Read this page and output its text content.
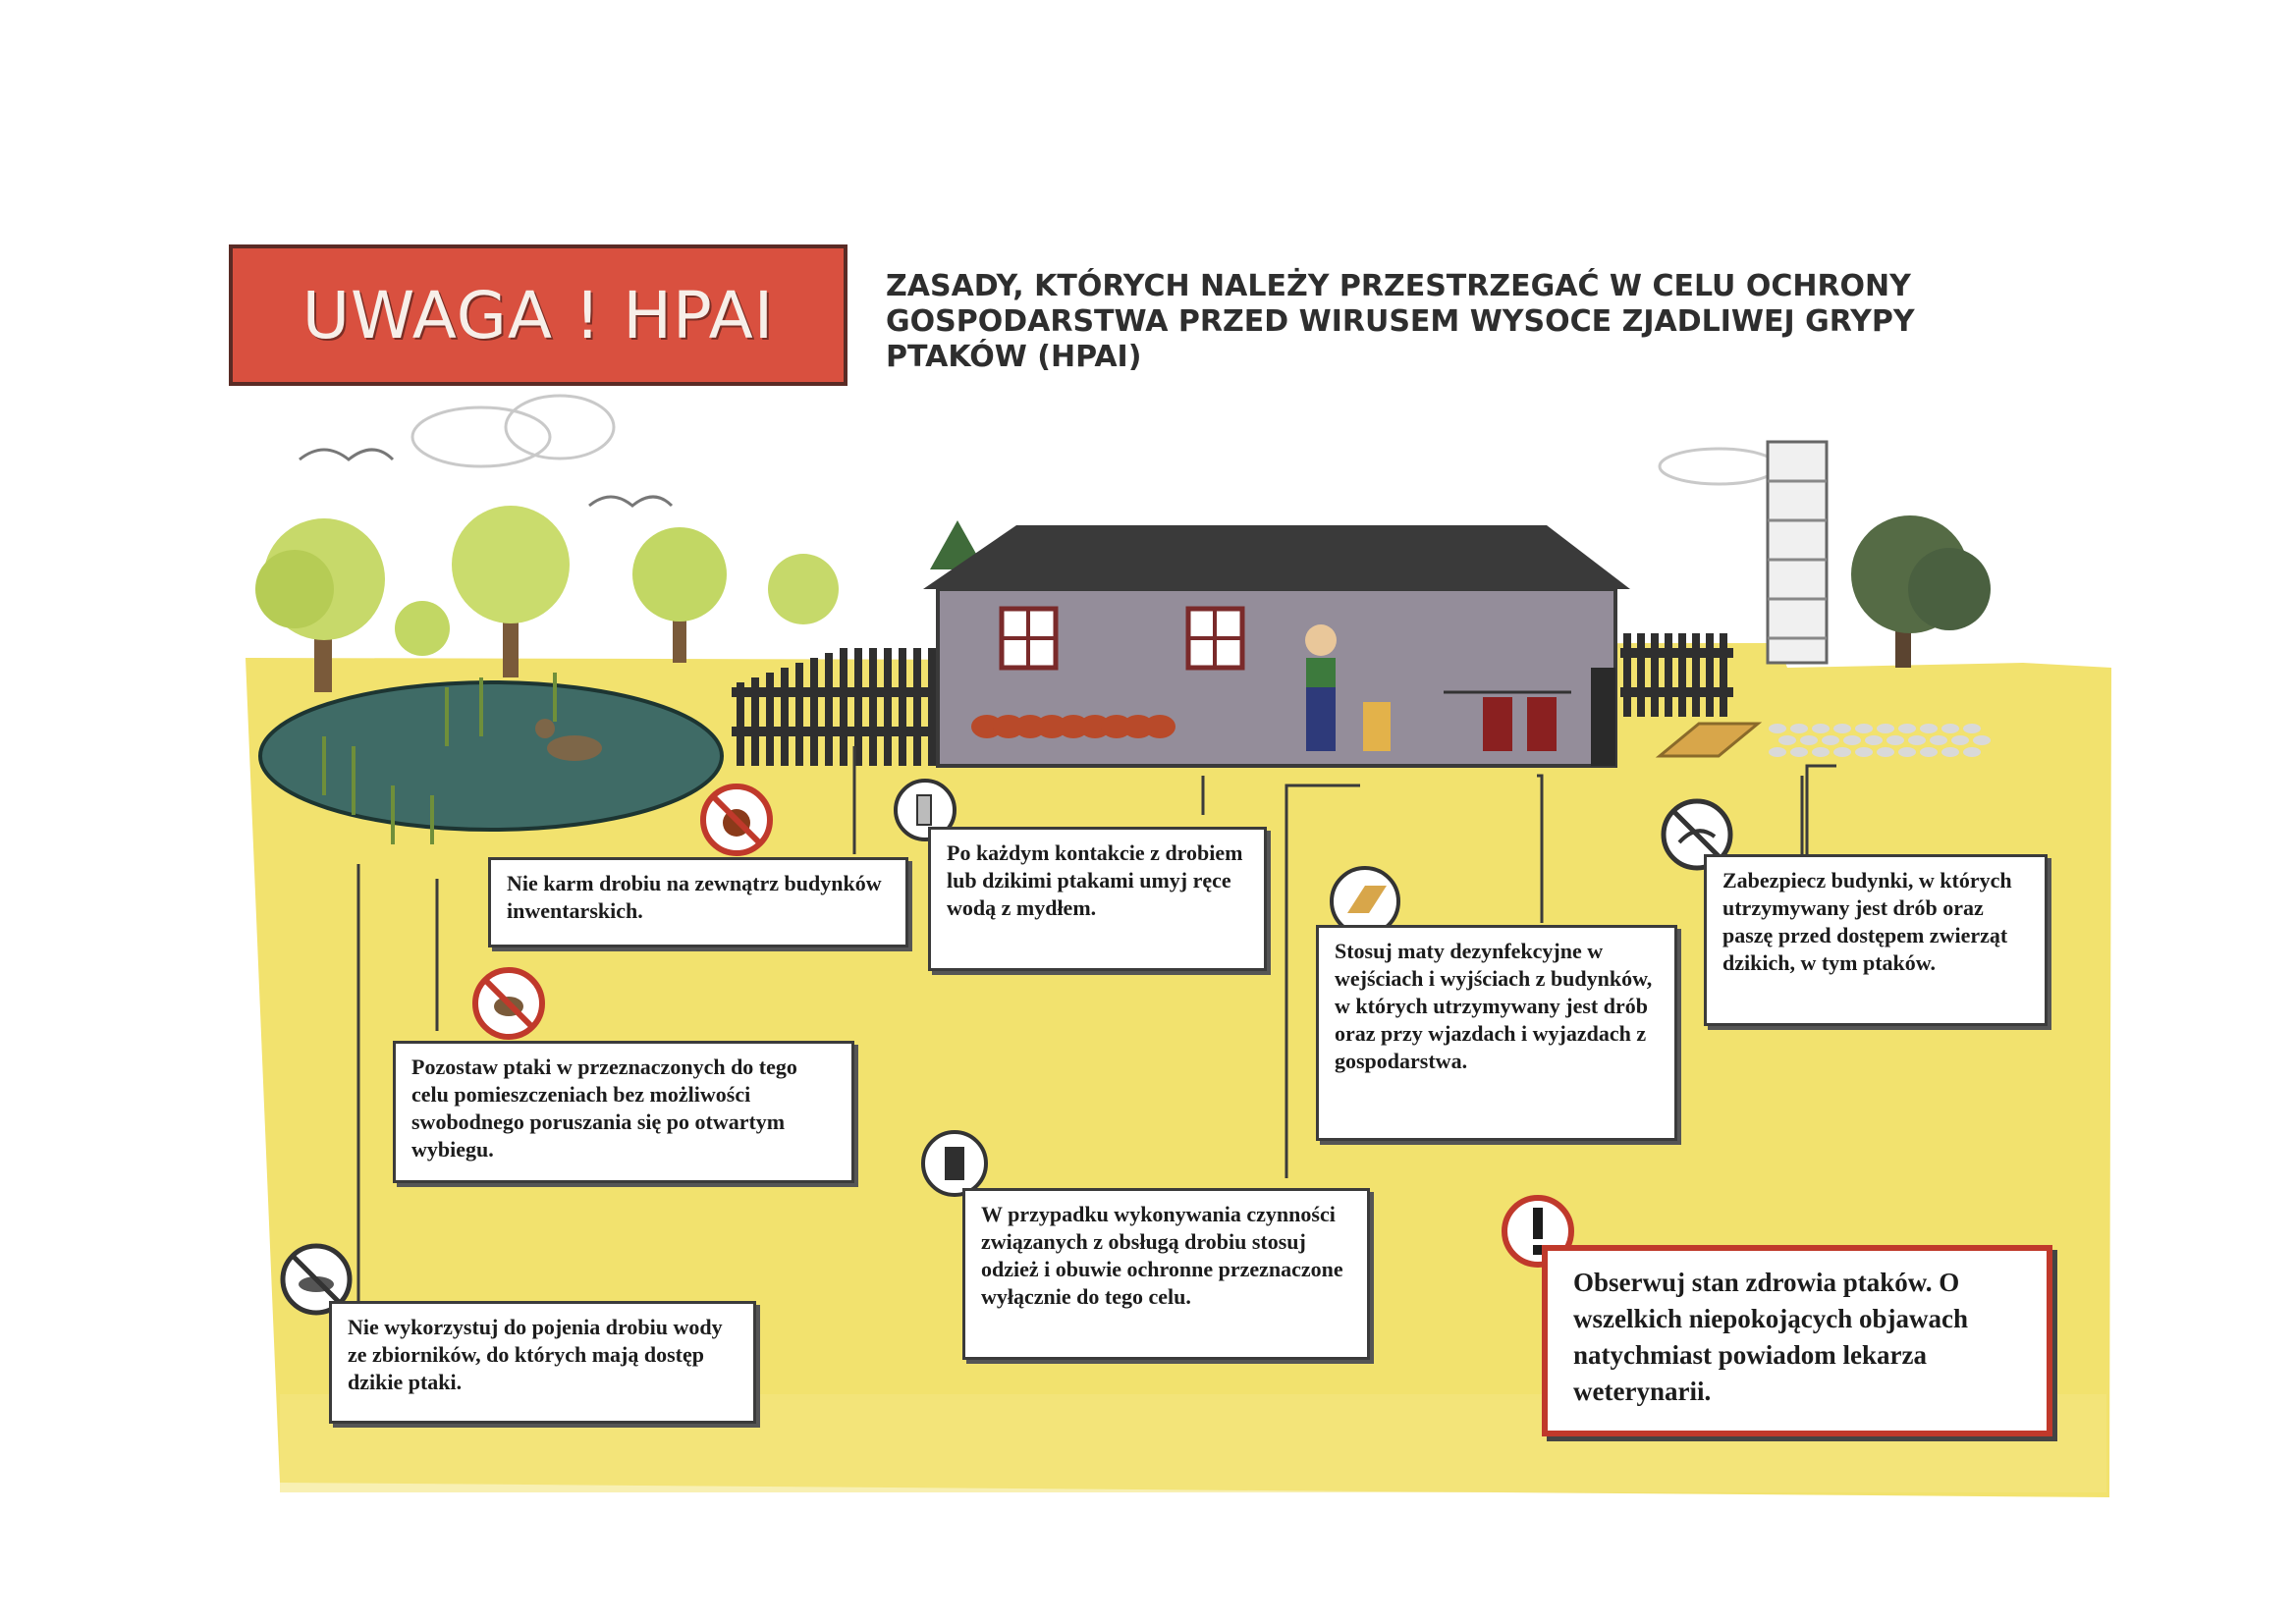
UWAGA ! HPAI	ZASADY, KTÓRYCH NALEŻY PRZESTRZEGAĆ W CELU OCHRONY GOSPODARSTWA PRZED WIRUSEM WYSOCE ZJADLIWEJ GRYPY PTAKÓW (HPAI)
Nie karm drobiu na zewnątrz budynków inwentarskich.
Po każdym kontakcie z drobiem lub dzikimi ptakami umyj ręce wodą z mydłem.
Stosuj maty dezynfekcyjne w wejściach i wyjściach z budynków, w których utrzymywany jest drób oraz przy wjazdach i wyjazdach z gospodarstwa.
Zabezpiecz budynki, w których utrzymywany jest drób oraz paszę przed dostępem zwierząt dzikich, w tym ptaków.
Pozostaw ptaki w przeznaczonych do tego celu pomieszczeniach bez możliwości swobodnego poruszania się po otwartym wybiegu.
W przypadku wykonywania czynności związanych z obsługą drobiu stosuj odzież i obuwie ochronne przeznaczone wyłącznie do tego celu.
Nie wykorzystuj do pojenia drobiu wody ze zbiorników, do których mają dostęp dzikie ptaki.
Obserwuj stan zdrowia ptaków. O wszelkich niepokojących objawach natychmiast powiadom lekarza weterynarii.
